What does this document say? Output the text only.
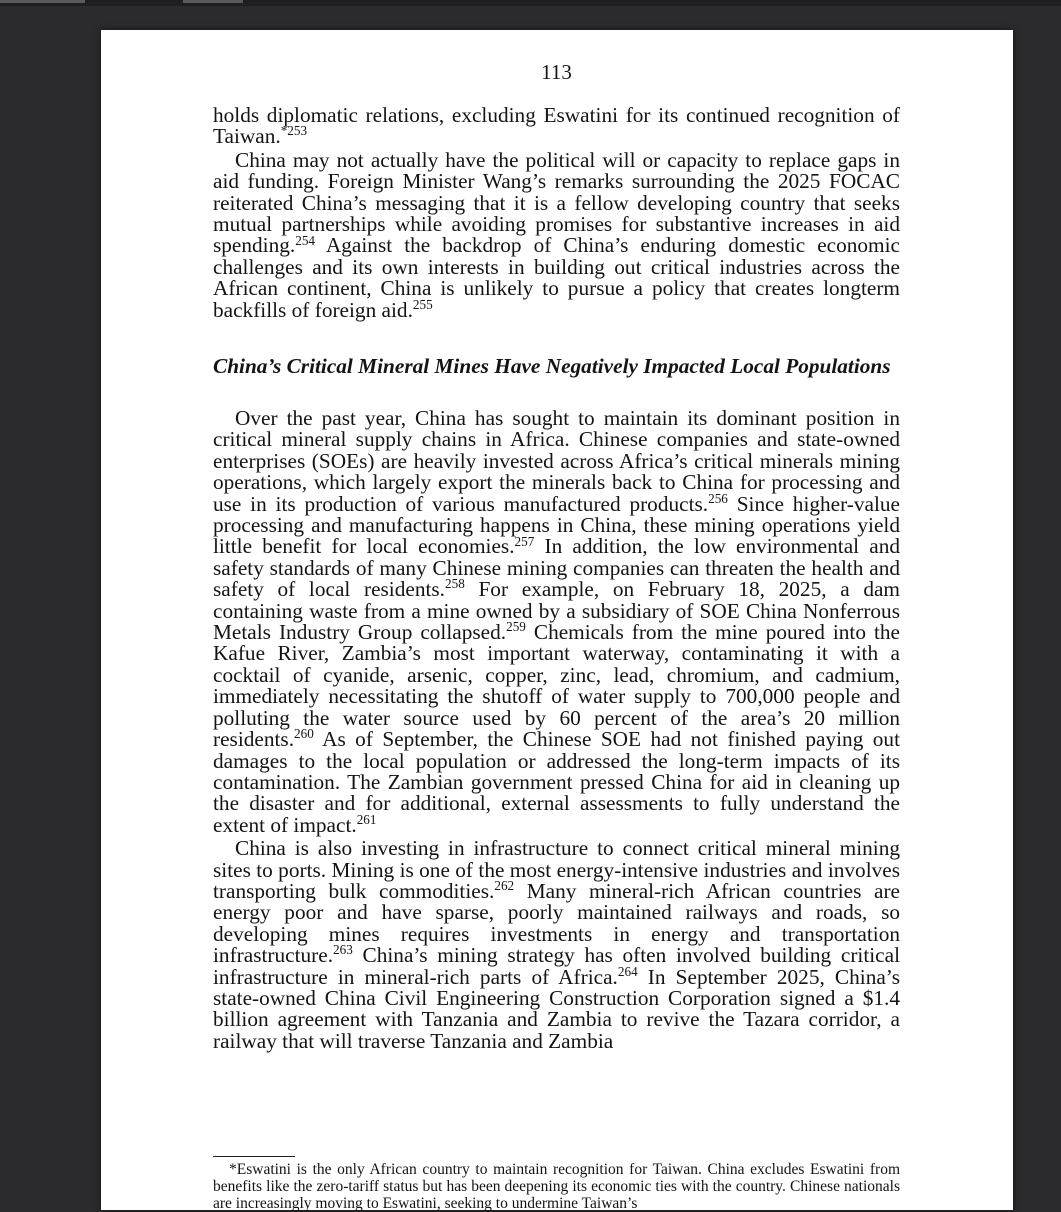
113

holds diplomatic relations, excluding Eswatini for its continued recognition of Taiwan.$^{*253}$

China may not actually have the political will or capacity to replace gaps in aid funding. Foreign Minister Wang’s remarks surrounding the 2025 FOCAC reiterated China’s messaging that it is a fellow developing country that seeks mutual partnerships while avoiding promises for substantive increases in aid spending.$^{254}$ Against the backdrop of China’s enduring domestic economic challenges and its own interests in building out critical industries across the African continent, China is unlikely to pursue a policy that creates longterm backfills of foreign aid.$^{255}$

China’s Critical Mineral Mines Have Negatively Impacted Local Populations

Over the past year, China has sought to maintain its dominant position in critical mineral supply chains in Africa. Chinese companies and state-owned enterprises (SOEs) are heavily invested across Africa’s critical minerals mining operations, which largely export the minerals back to China for processing and use in its production of various manufactured products.$^{256}$ Since higher-value processing and manufacturing happens in China, these mining operations yield little benefit for local economies.$^{257}$ In addition, the low environmental and safety standards of many Chinese mining companies can threaten the health and safety of local residents.$^{258}$ For example, on February 18, 2025, a dam containing waste from a mine owned by a subsidiary of SOE China Nonferrous Metals Industry Group collapsed.$^{259}$ Chemicals from the mine poured into the Kafue River, Zambia’s most important waterway, contaminating it with a cocktail of cyanide, arsenic, copper, zinc, lead, chromium, and cadmium, immediately necessitating the shutoff of water supply to 700,000 people and polluting the water source used by 60 percent of the area’s 20 million residents.$^{260}$ As of September, the Chinese SOE had not finished paying out damages to the local population or addressed the long-term impacts of its contamination. The Zambian government pressed China for aid in cleaning up the disaster and for additional, external assessments to fully understand the extent of impact.$^{261}$

China is also investing in infrastructure to connect critical mineral mining sites to ports. Mining is one of the most energy-intensive industries and involves transporting bulk commodities.$^{262}$ Many mineral-rich African countries are energy poor and have sparse, poorly maintained railways and roads, so developing mines requires investments in energy and transportation infrastructure.$^{263}$ China’s mining strategy has often involved building critical infrastructure in mineral-rich parts of Africa.$^{264}$ In September 2025, China’s state-owned China Civil Engineering Construction Corporation signed a $1.4 billion agreement with Tanzania and Zambia to revive the Tazara corridor, a railway that will traverse Tanzania and Zambia

*Eswatini is the only African country to maintain recognition for Taiwan. China excludes Eswatini from benefits like the zero-tariff status but has been deepening its economic ties with the country. Chinese nationals are increasingly moving to Eswatini, seeking to undermine Taiwan’s
